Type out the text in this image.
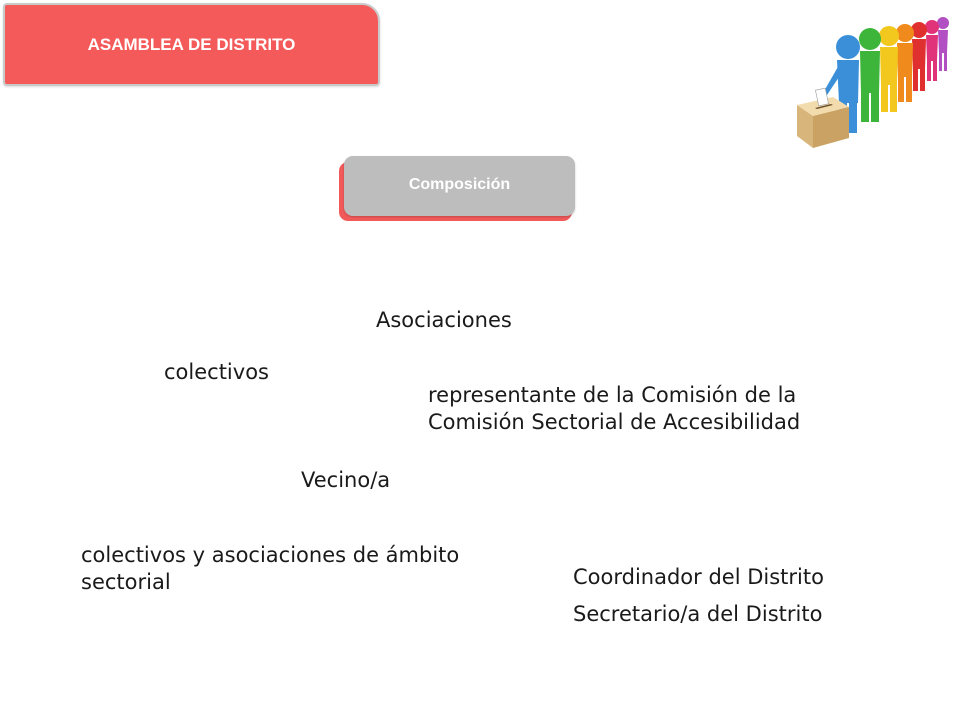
ASAMBLEA DE DISTRITO
Composición
Asociaciones
colectivos
representante de la Comisión de la
Comisión Sectorial de Accesibilidad
Vecino/a
colectivos y asociaciones de ámbito
sectorial	Coordinador del Distrito
Secretario/a del Distrito
